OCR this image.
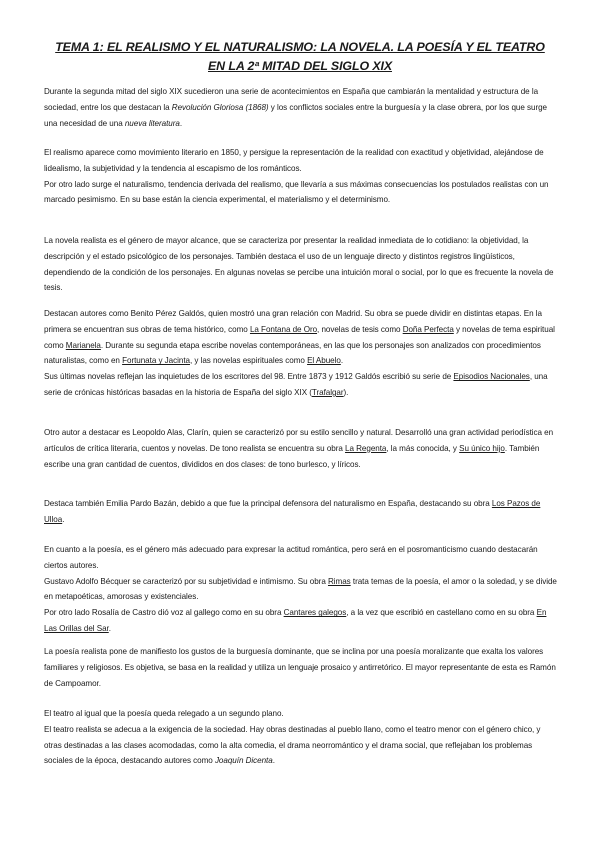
TEMA 1: EL REALISMO Y EL NATURALISMO: LA NOVELA. LA POESÍA Y EL TEATRO
EN LA 2ª MITAD DEL SIGLO XIX

Durante la segunda mitad del siglo XIX sucedieron una serie de acontecimientos en España que cambiarán la mentalidad y estructura de la sociedad, entre los que destacan la Revolución Gloriosa (1868) y los conflictos sociales entre la burguesía y la clase obrera, por los que surge una necesidad de una nueva literatura.

El realismo aparece como movimiento literario en 1850, y persigue la representación de la realidad con exactitud y objetividad, alejándose de lidealismo, la subjetividad y la tendencia al escapismo de los románticos.

Por otro lado surge el naturalismo, tendencia derivada del realismo, que llevaría a sus máximas consecuencias los postulados realistas con un marcado pesimismo. En su base están la ciencia experimental, el materialismo y el determinismo.

La novela realista es el género de mayor alcance, que se caracteriza por presentar la realidad inmediata de lo cotidiano: la objetividad, la descripción y el estado psicológico de los personajes. También destaca el uso de un lenguaje directo y distintos registros lingüísticos, dependiendo de la condición de los personajes. En algunas novelas se percibe una intuición moral o social, por lo que es frecuente la novela de tesis.

Destacan autores como Benito Pérez Galdós, quien mostró una gran relación con Madrid. Su obra se puede dividir en distintas etapas. En la primera se encuentran sus obras de tema histórico, como La Fontana de Oro, novelas de tesis como Doña Perfecta y novelas de tema espiritual como Marianela. Durante su segunda etapa escribe novelas contemporáneas, en las que los personajes son analizados con procedimientos naturalistas, como en Fortunata y Jacinta, y las novelas espirituales como El Abuelo.

Sus últimas novelas reflejan las inquietudes de los escritores del 98. Entre 1873 y 1912 Galdós escribió su serie de Episodios Nacionales, una serie de crónicas históricas basadas en la historia de España del siglo XIX (Trafalgar).

Otro autor a destacar es Leopoldo Alas, Clarín, quien se caracterizó por su estilo sencillo y natural. Desarrolló una gran actividad periodística en artículos de crítica literaria, cuentos y novelas. De tono realista se encuentra su obra La Regenta, la más conocida, y Su único hijo. También escribe una gran cantidad de cuentos, divididos en dos clases: de tono burlesco, y líricos.

Destaca también Emilia Pardo Bazán, debido a que fue la principal defensora del naturalismo en España, destacando su obra Los Pazos de Ulloa.

En cuanto a la poesía, es el género más adecuado para expresar la actitud romántica, pero será en el posromanticismo cuando destacarán ciertos autores.

Gustavo Adolfo Bécquer se caracterizó por su subjetividad e intimismo. Su obra Rimas trata temas de la poesía, el amor o la soledad, y se divide en metapoéticas, amorosas y existenciales.

Por otro lado Rosalía de Castro dió voz al gallego como en su obra Cantares galegos, a la vez que escribió en castellano como en su obra En Las Orillas del Sar.

La poesía realista pone de manifiesto los gustos de la burguesía dominante, que se inclina por una poesía moralizante que exalta los valores familiares y religiosos. Es objetiva, se basa en la realidad y utiliza un lenguaje prosaico y antirretórico. El mayor representante de esta es Ramón de Campoamor.

El teatro al igual que la poesía queda relegado a un segundo plano.

El teatro realista se adecua a la exigencia de la sociedad. Hay obras destinadas al pueblo llano, como el teatro menor con el género chico, y otras destinadas a las clases acomodadas, como la alta comedia, el drama neorromántico y el drama social, que reflejaban los problemas sociales de la época, destacando autores como Joaquín Dicenta.
